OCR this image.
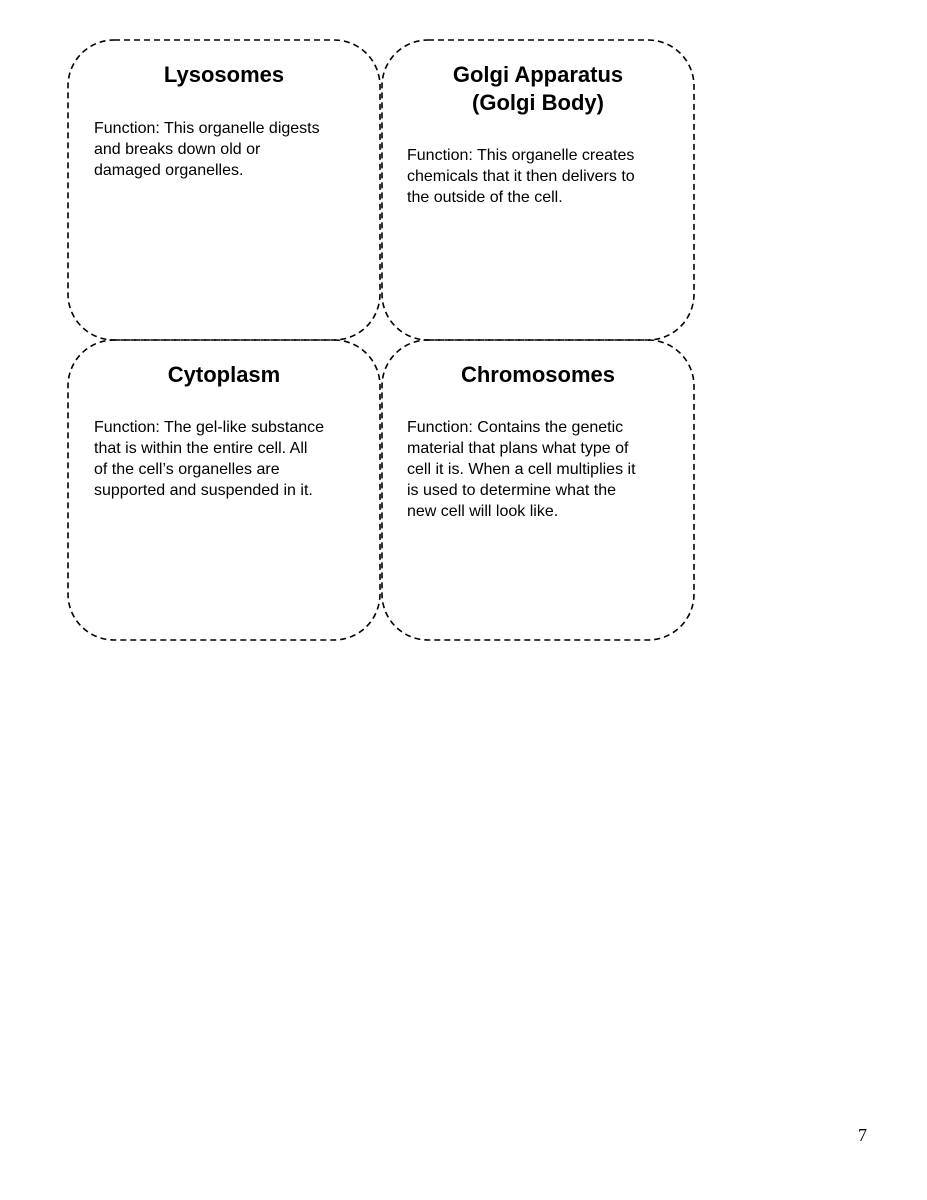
Lysosomes

Function: This organelle digests
and breaks down old or
damaged organelles.

Golgi Apparatus
(Golgi Body)

Function: This organelle creates
chemicals that it then delivers to
the outside of the cell.

Cytoplasm

Function: The gel-like substance
that is within the entire cell. All
of the cell’s organelles are
supported and suspended in it.

Chromosomes

Function: Contains the genetic
material that plans what type of
cell it is. When a cell multiplies it
is used to determine what the
new cell will look like.

7
